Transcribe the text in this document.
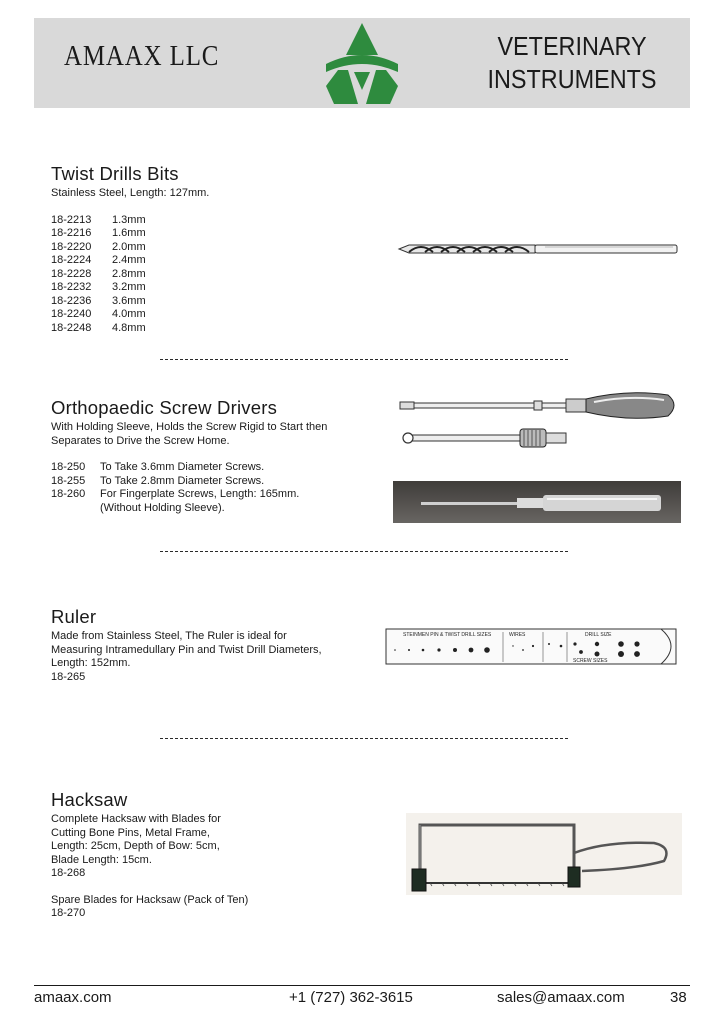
AMAAX LLC	VETERINARY
INSTRUMENTS
Twist Drills Bits
Stainless Steel, Length: 127mm.
18-2213	1.3mm
18-2216	1.6mm
18-2220	2.0mm
18-2224	2.4mm
18-2228	2.8mm
18-2232	3.2mm
18-2236	3.6mm
18-2240	4.0mm
18-2248	4.8mm
Orthopaedic Screw Drivers
With Holding Sleeve, Holds the Screw Rigid to Start then
Separates to Drive the Screw Home.
18-250	To Take 3.6mm Diameter Screws.
18-255	To Take 2.8mm Diameter Screws.
18-260	For Fingerplate Screws, Length: 165mm.
(Without Holding Sleeve).
Ruler
Made from Stainless Steel, The Ruler is ideal for
Measuring Intramedullary Pin and Twist Drill Diameters,
Length: 152mm.
18-265
STEINMEN PIN & TWIST DRILL SIZES	WIRES	DRILL SIZE
SCREW SIZES
Hacksaw
Complete Hacksaw with Blades for
Cutting Bone Pins, Metal Frame,
Length: 25cm, Depth of Bow: 5cm,
Blade Length: 15cm.
18-268
Spare Blades for Hacksaw (Pack of Ten)
18-270
amaax.com	+1 (727) 362-3615	sales@amaax.com	38
